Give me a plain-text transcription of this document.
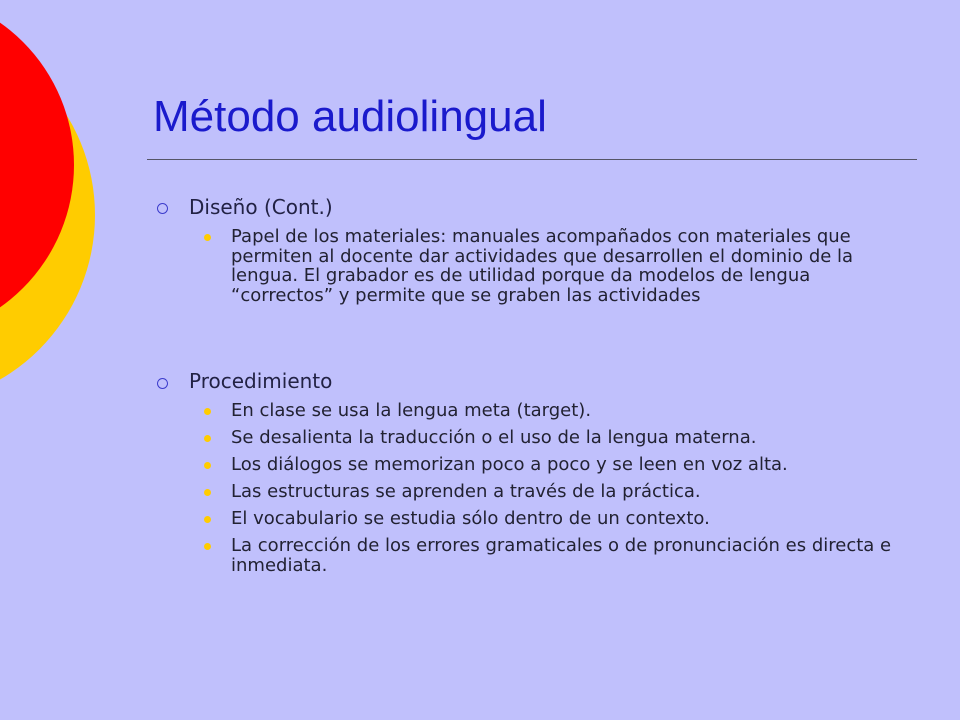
Método audiolingual
Diseño (Cont.)
Papel de los materiales: manuales acompañados con materiales que permiten al docente dar actividades que desarrollen el dominio de la lengua. El grabador es de utilidad porque da modelos de lengua “correctos” y permite que se graben las actividades
Procedimiento
En clase se usa la lengua meta (target).
Se desalienta la traducción o el uso de la lengua materna.
Los diálogos se memorizan poco a poco y se leen en voz alta.
Las estructuras se aprenden a través de la práctica.
El vocabulario se estudia sólo dentro de un contexto.
La corrección de los errores gramaticales o de pronunciación es directa e inmediata.
